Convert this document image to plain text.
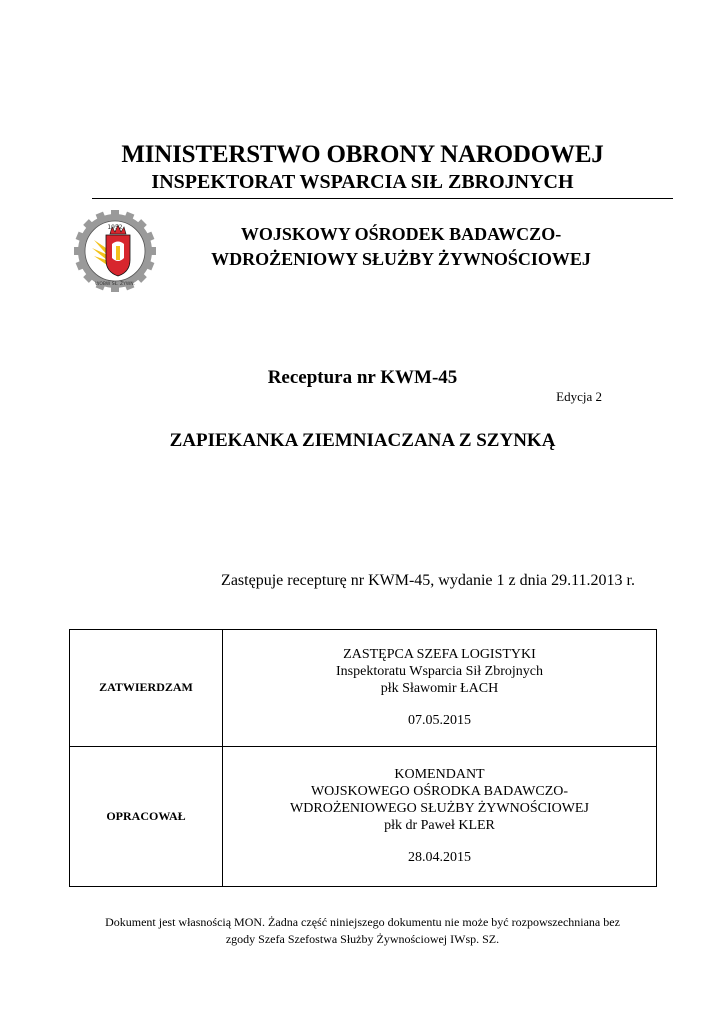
MINISTERSTWO OBRONY NARODOWEJ
INSPEKTORAT WSPARCIA SIŁ ZBROJNYCH
1952
WOBW SŁ. ŻYWN.
WOJSKOWY OŚRODEK BADAWCZO-
WDROŻENIOWY SŁUŻBY ŻYWNOŚCIOWEJ
Receptura nr KWM-45
Edycja 2
ZAPIEKANKA ZIEMNIACZANA Z SZYNKĄ
Zastępuje recepturę nr KWM-45, wydanie 1 z dnia 29.11.2013 r.
ZATWIERDZAM	ZASTĘPCA SZEFA LOGISTYKI
Inspektoratu Wsparcia Sił Zbrojnych
płk Sławomir ŁACH
07.05.2015

OPRACOWAŁ	KOMENDANT
WOJSKOWEGO OŚRODKA BADAWCZO-
WDROŻENIOWEGO SŁUŻBY ŻYWNOŚCIOWEJ
płk dr Paweł KLER
28.04.2015
Dokument jest własnością MON. Żadna część niniejszego dokumentu nie może być rozpowszechniana bez
zgody Szefa Szefostwa Służby Żywnościowej IWsp. SZ.
